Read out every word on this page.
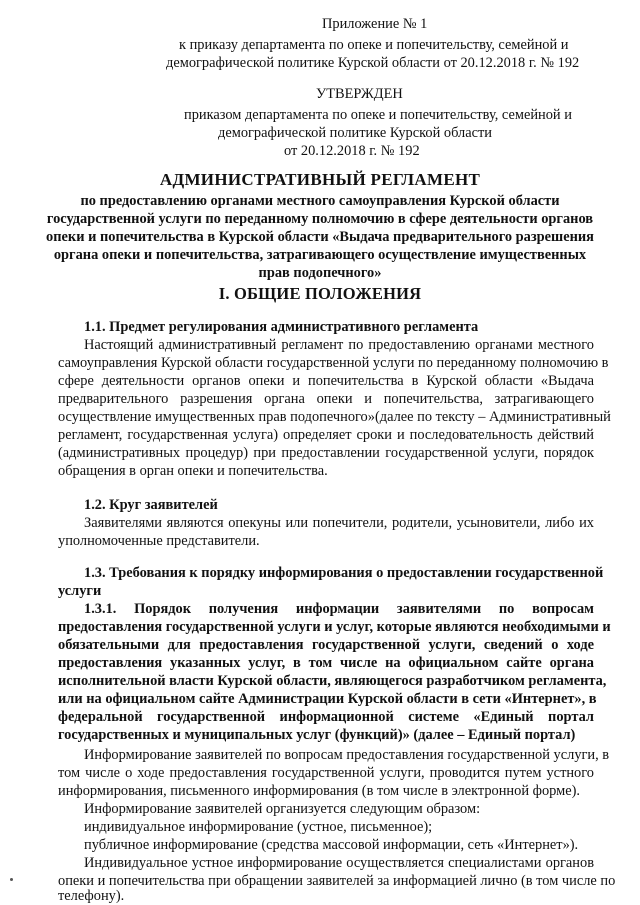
Приложение № 1
к приказу департамента по опеке и попечительству, семейной и
демографической политике Курской области от 20.12.2018 г. № 192
УТВЕРЖДЕН
приказом департамента по опеке и попечительству, семейной и
демографической политике Курской области
от 20.12.2018 г. № 192
АДМИНИСТРАТИВНЫЙ РЕГЛАМЕНТ
по предоставлению органами местного самоуправления Курской области
государственной услуги по переданному полномочию в сфере деятельности органов
опеки и попечительства в Курской области «Выдача предварительного разрешения
органа опеки и попечительства, затрагивающего осуществление имущественных
прав подопечного»
I. ОБЩИЕ ПОЛОЖЕНИЯ
1.1. Предмет регулирования административного регламента
Настоящий административный регламент по предоставлению органами местного
самоуправления Курской области государственной услуги по переданному полномочию в
сфере деятельности органов опеки и попечительства в Курской области «Выдача
предварительного разрешения органа опеки и попечительства, затрагивающего
осуществление имущественных прав подопечного»(далее по тексту – Административный
регламент, государственная услуга) определяет сроки и последовательность действий
(административных процедур) при предоставлении государственной услуги, порядок
обращения в орган опеки и попечительства.
1.2. Круг заявителей
Заявителями являются опекуны или попечители, родители, усыновители, либо их
уполномоченные представители.
1.3. Требования к порядку информирования о предоставлении государственной
услуги
1.3.1. Порядок получения информации заявителями по вопросам
предоставления государственной услуги и услуг, которые являются необходимыми и
обязательными для предоставления государственной услуги, сведений о ходе
предоставления указанных услуг, в том числе на официальном сайте органа
исполнительной власти Курской области, являющегося разработчиком регламента,
или на официальном сайте Администрации Курской области в сети «Интернет», в
федеральной государственной информационной системе «Единый портал
государственных и муниципальных услуг (функций)» (далее – Единый портал)
Информирование заявителей по вопросам предоставления государственной услуги, в
том числе о ходе предоставления государственной услуги, проводится путем устного
информирования, письменного информирования (в том числе в электронной форме).
Информирование заявителей организуется следующим образом:
индивидуальное информирование (устное, письменное);
публичное информирование (средства массовой информации, сеть «Интернет»).
Индивидуальное устное информирование осуществляется специалистами органов
опеки и попечительства при обращении заявителей за информацией лично (в том числе по
телефону).
